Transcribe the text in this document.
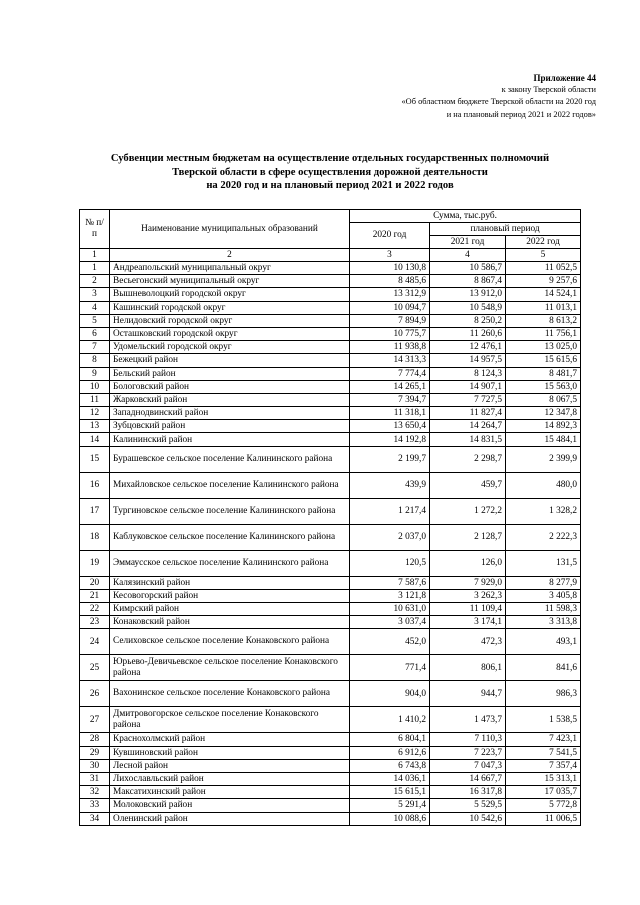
Приложение 44
к закону Тверской области
«Об областном бюджете Тверской области на 2020 год
и на плановый период 2021 и 2022 годов»
Субвенции местным бюджетам на осуществление отдельных государственных полномочий
Тверской области в сфере осуществления дорожной деятельности
на 2020 год и на плановый период 2021 и 2022 годов
№ п/п	Наименование муниципальных образований	Сумма, тыс.руб.		
		2020 год	плановый период	
			2021 год	2022 год
1	2	3	4	5
1	Андреапольский муниципальный округ	10 130,8	10 586,7	11 052,5
2	Весьегонский муниципальный округ	8 485,6	8 867,4	9 257,6
3	Вышневолоцкий городской округ	13 312,9	13 912,0	14 524,1
4	Кашинский городской округ	10 094,7	10 548,9	11 013,1
5	Нелидовский городской округ	7 894,9	8 250,2	8 613,2
6	Осташковский городской округ	10 775,7	11 260,6	11 756,1
7	Удомельский городской округ	11 938,8	12 476,1	13 025,0
8	Бежецкий район	14 313,3	14 957,5	15 615,6
9	Бельский район	7 774,4	8 124,3	8 481,7
10	Бологовский район	14 265,1	14 907,1	15 563,0
11	Жарковский район	7 394,7	7 727,5	8 067,5
12	Западнодвинский район	11 318,1	11 827,4	12 347,8
13	Зубцовский район	13 650,4	14 264,7	14 892,3
14	Калининский район	14 192,8	14 831,5	15 484,1
15	Бурашевское сельское поселение Калининского района	2 199,7	2 298,7	2 399,9
16	Михайловское сельское поселение Калининского района	439,9	459,7	480,0
17	Тургиновское сельское поселение Калининского района	1 217,4	1 272,2	1 328,2
18	Каблуковское сельское поселение Калининского района	2 037,0	2 128,7	2 222,3
19	Эммаусское сельское поселение Калининского района	120,5	126,0	131,5
20	Калязинский район	7 587,6	7 929,0	8 277,9
21	Кесовогорский район	3 121,8	3 262,3	3 405,8
22	Кимрский район	10 631,0	11 109,4	11 598,3
23	Конаковский район	3 037,4	3 174,1	3 313,8
24	Селиховское сельское поселение Конаковского района	452,0	472,3	493,1
25	Юрьево-Девичьевское сельское поселение Конаковского района	771,4	806,1	841,6
26	Вахонинское сельское поселение Конаковского района	904,0	944,7	986,3
27	Дмитровогорское сельское поселение Конаковского района	1 410,2	1 473,7	1 538,5
28	Краснохолмский район	6 804,1	7 110,3	7 423,1
29	Кувшиновский район	6 912,6	7 223,7	7 541,5
30	Лесной район	6 743,8	7 047,3	7 357,4
31	Лихославльский район	14 036,1	14 667,7	15 313,1
32	Максатихинский район	15 615,1	16 317,8	17 035,7
33	Молоковский район	5 291,4	5 529,5	5 772,8
34	Оленинский район	10 088,6	10 542,6	11 006,5
